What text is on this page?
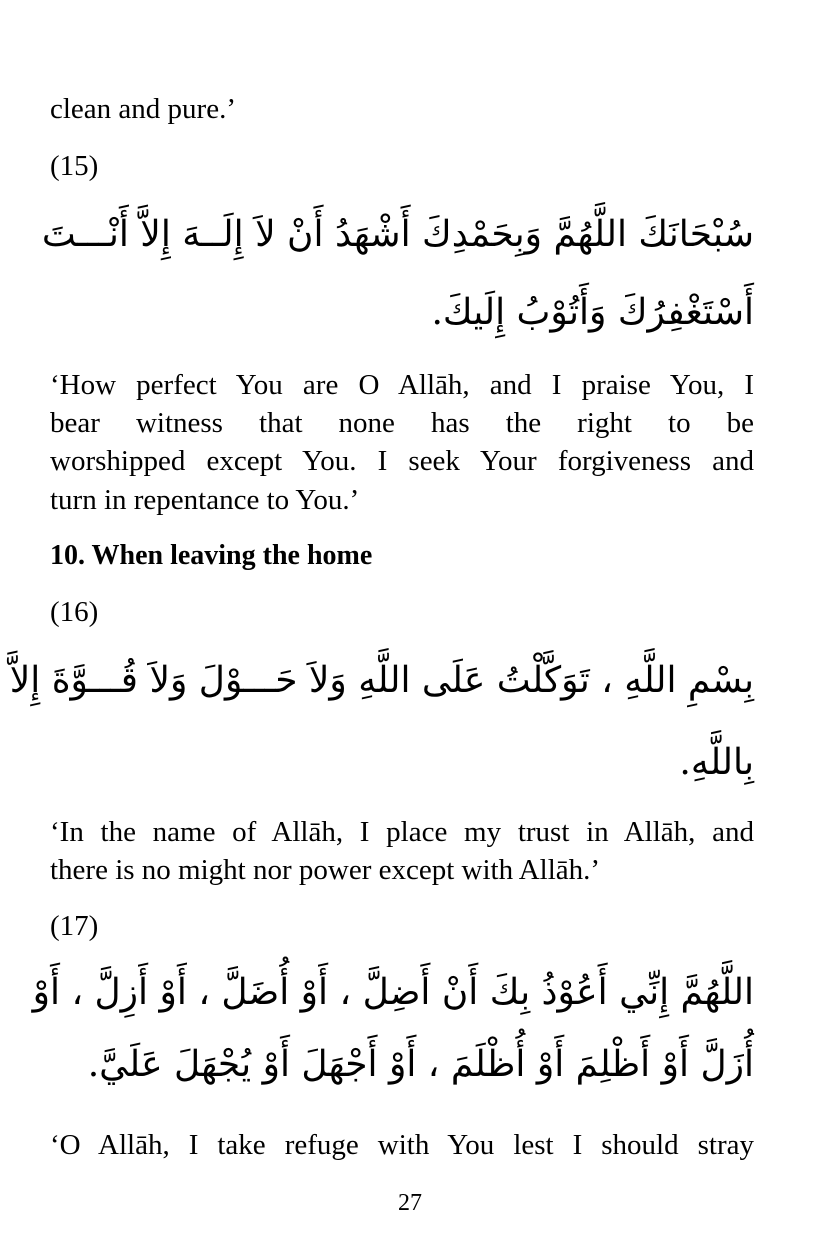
clean and pure.’
(15)
سُبْحَانَكَ اللَّهُمَّ وَبِحَمْدِكَ أَشْهَدُ أَنْ لاَ إِلَــهَ إِلاَّ أَنْـــتَ
أَسْتَغْفِرُكَ وَأَتُوْبُ إِلَيكَ.
‘How perfect You are O Allāh, and I praise You, I
bear witness that none has the right to be
worshipped except You. I seek Your forgiveness and
turn in repentance to You.’
10. When leaving the home
(16)
بِسْمِ اللَّهِ ، تَوَكَّلْتُ عَلَى اللَّهِ وَلاَ حَـــوْلَ وَلاَ قُـــوَّةَ إِلاَّ
بِاللَّهِ.
‘In the name of Allāh, I place my trust in Allāh, and
there is no might nor power except with Allāh.’
(17)
اللَّهُمَّ إِنِّي أَعُوْذُ بِكَ أَنْ أَضِلَّ ، أَوْ أُضَلَّ ، أَوْ أَزِلَّ ، أَوْ
أُزَلَّ أَوْ أَظْلِمَ أَوْ أُظْلَمَ ، أَوْ أَجْهَلَ أَوْ يُجْهَلَ عَلَيَّ.
‘O Allāh, I take refuge with You lest I should stray
27
